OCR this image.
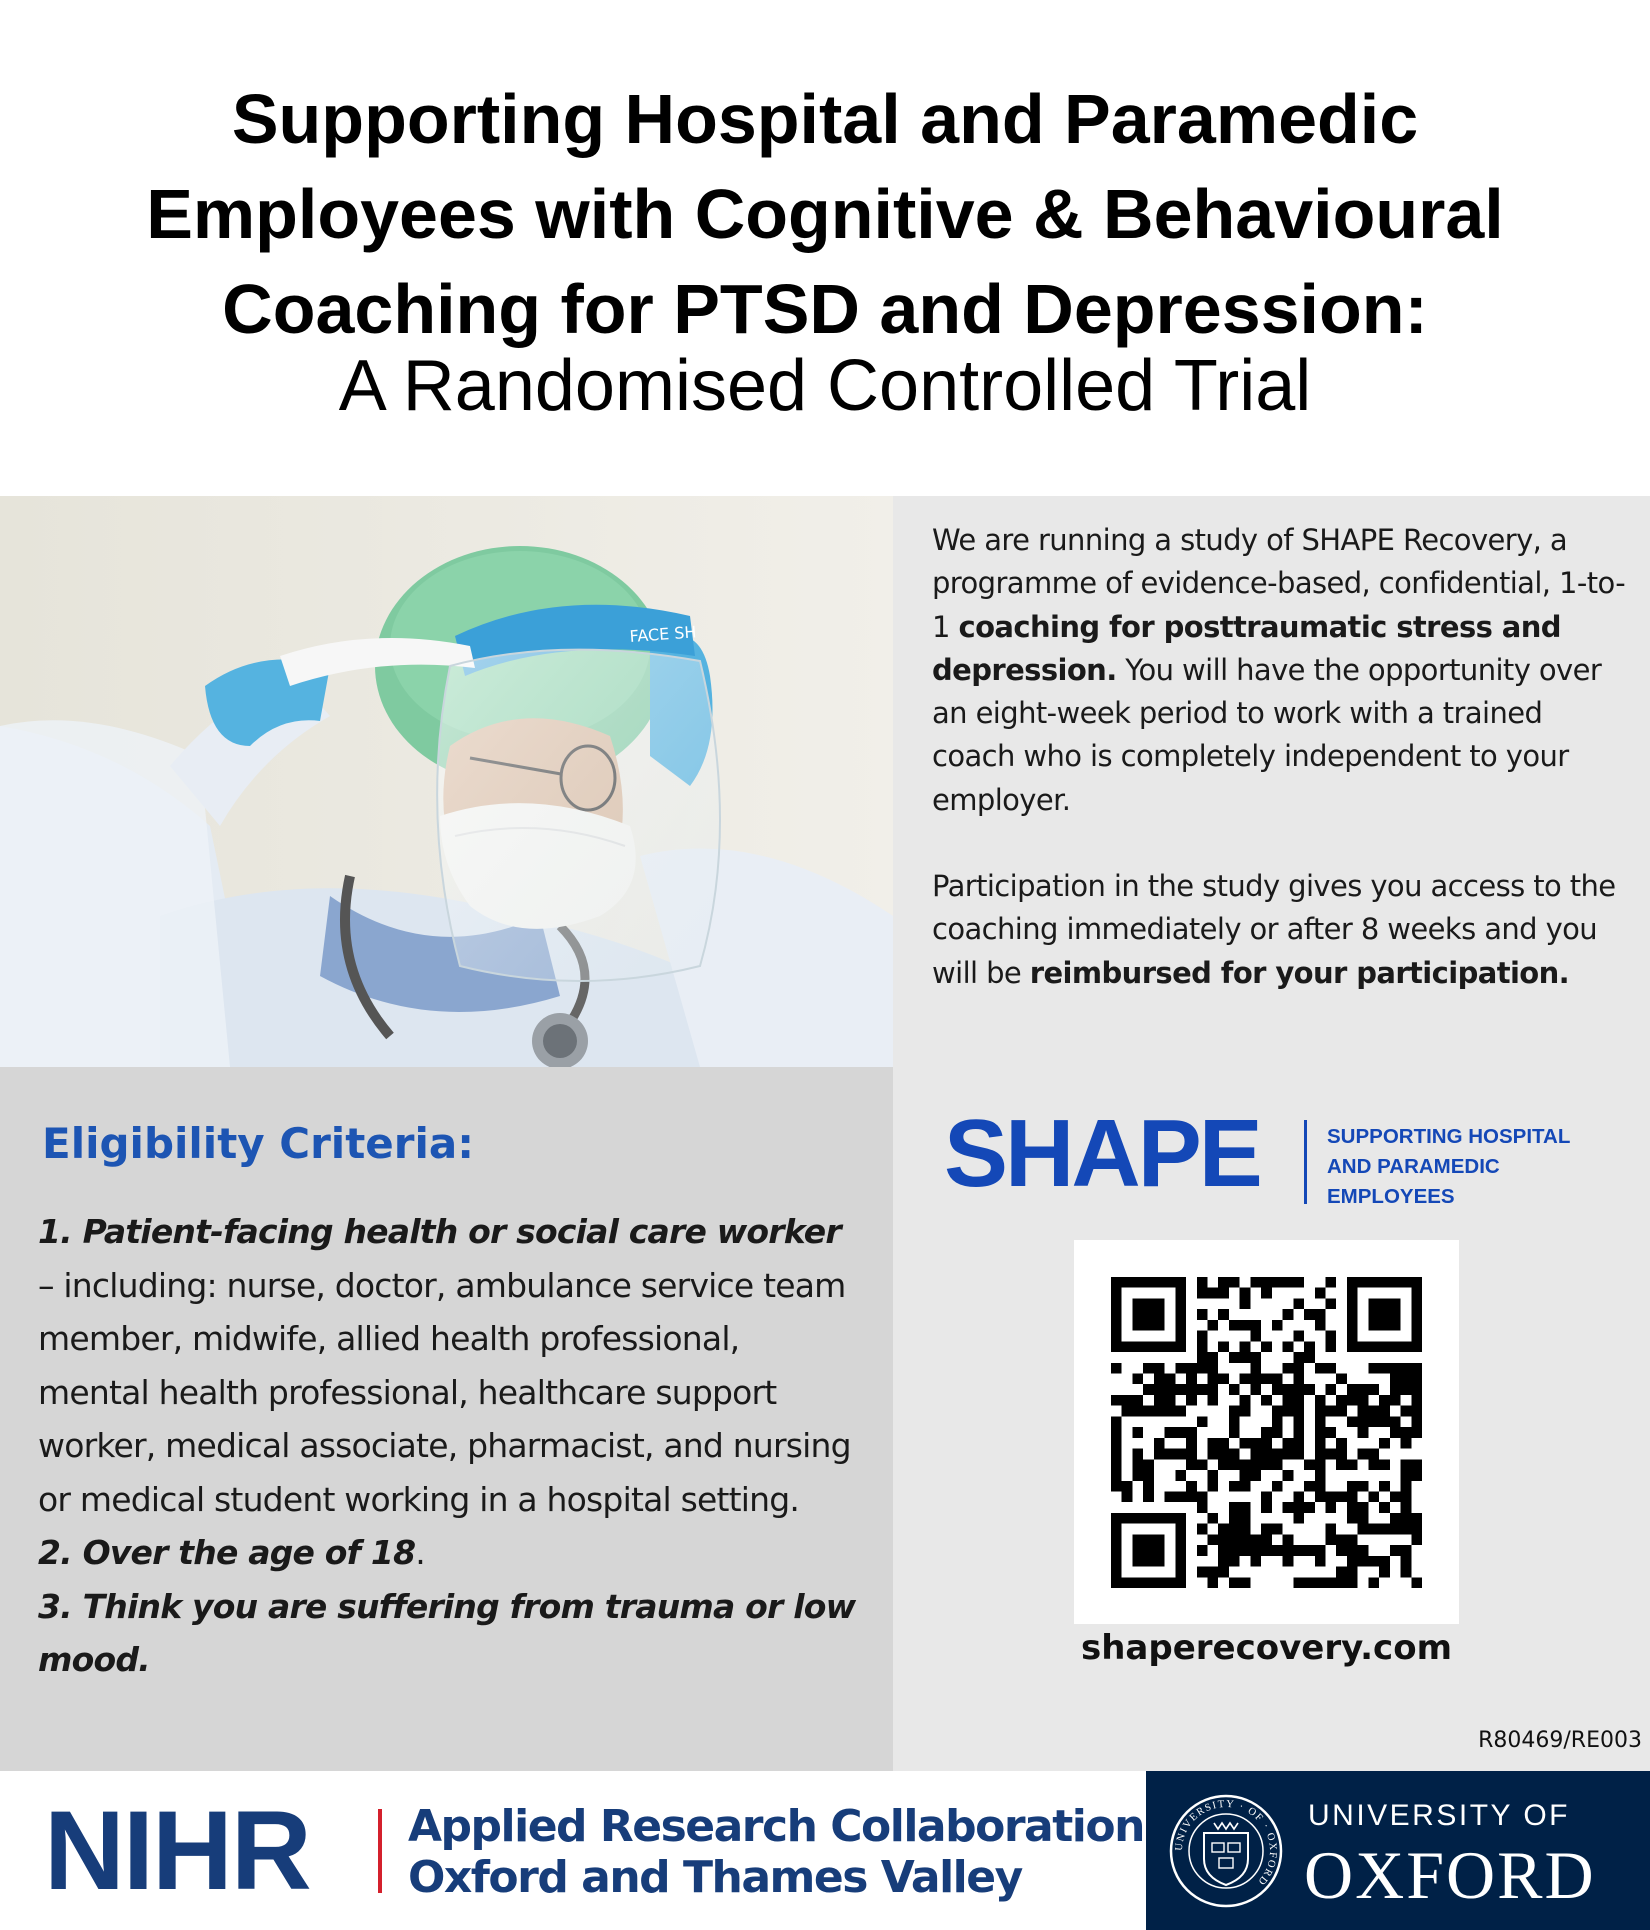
Supporting Hospital and Paramedic
Employees with Cognitive & Behavioural
Coaching for PTSD and Depression:
A Randomised Controlled Trial
FACE SH

We are running a study of SHAPE Recovery, a programme of evidence-based, confidential, 1-to-1 coaching for posttraumatic stress and depression. You will have the opportunity over an eight-week period to work with a trained coach who is completely independent to your employer.

Participation in the study gives you access to the coaching immediately or after 8 weeks and you will be reimbursed for your participation.

SHAPE	SUPPORTING HOSPITAL
AND PARAMEDIC
EMPLOYEES
shaperecovery.com
R80469/RE003
Eligibility Criteria:
1. Patient-facing health or social care worker – including: nurse, doctor, ambulance service team member, midwife, allied health professional, mental health professional, healthcare support worker, medical associate, pharmacist, and nursing or medical student working in a hospital setting.
2. Over the age of 18.
3. Think you are suffering from trauma or low mood.
NIHR Applied Research Collaboration
Oxford and Thames Valley
UNIVERSITY · OF · OXFORD
UNIVERSITY OF
OXFORD
